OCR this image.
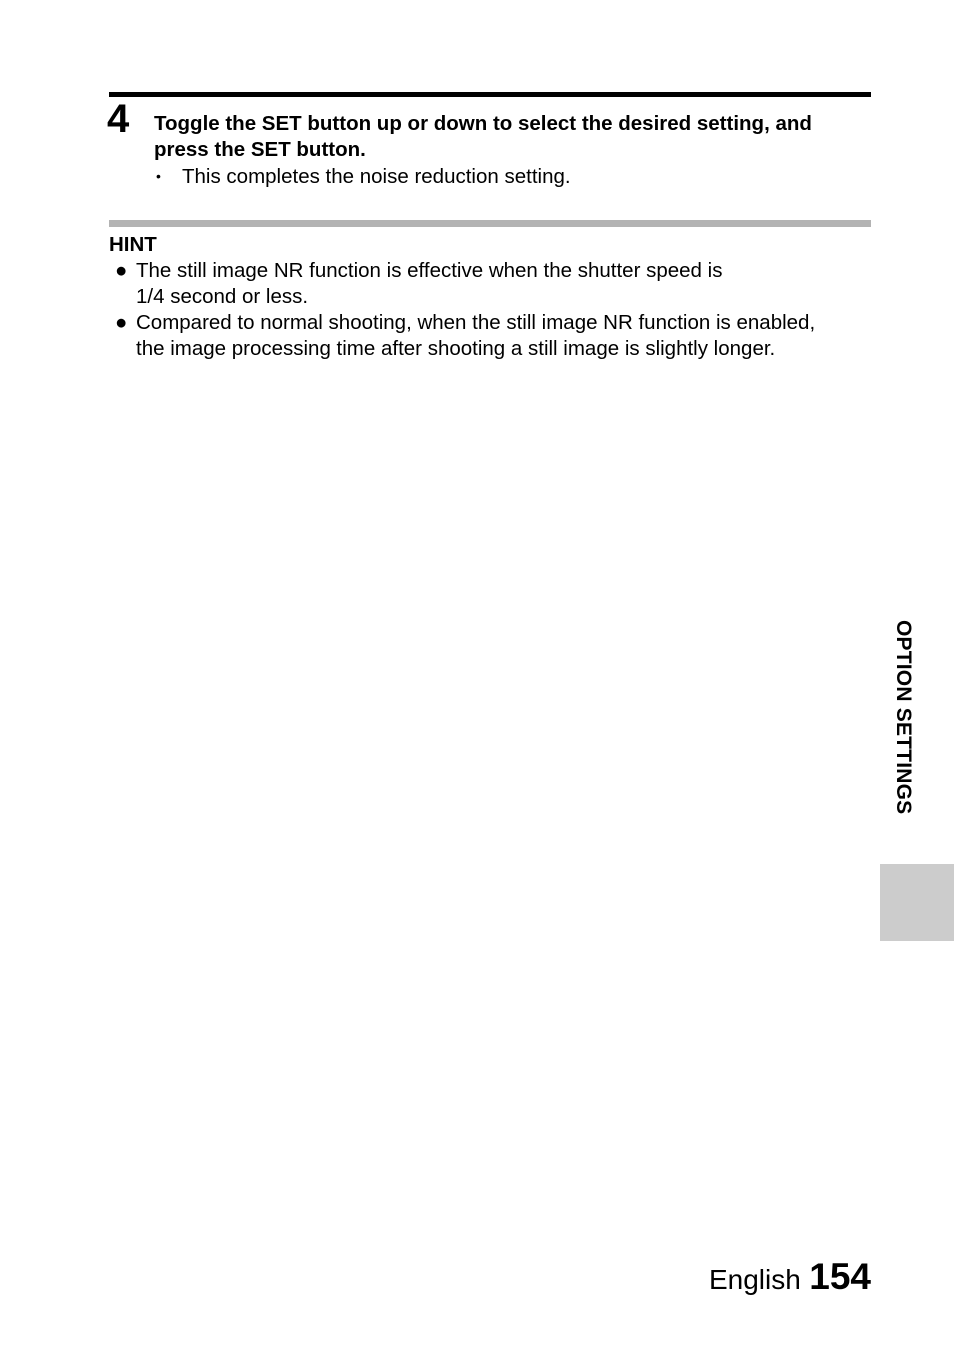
4 Toggle the SET button up or down to select the desired setting, and
press the SET button.
• This completes the noise reduction setting.
HINT
● The still image NR function is effective when the shutter speed is
1/4 second or less.
● Compared to normal shooting, when the still image NR function is enabled,
the image processing time after shooting a still image is slightly longer.
OPTION SETTINGS
English 154
